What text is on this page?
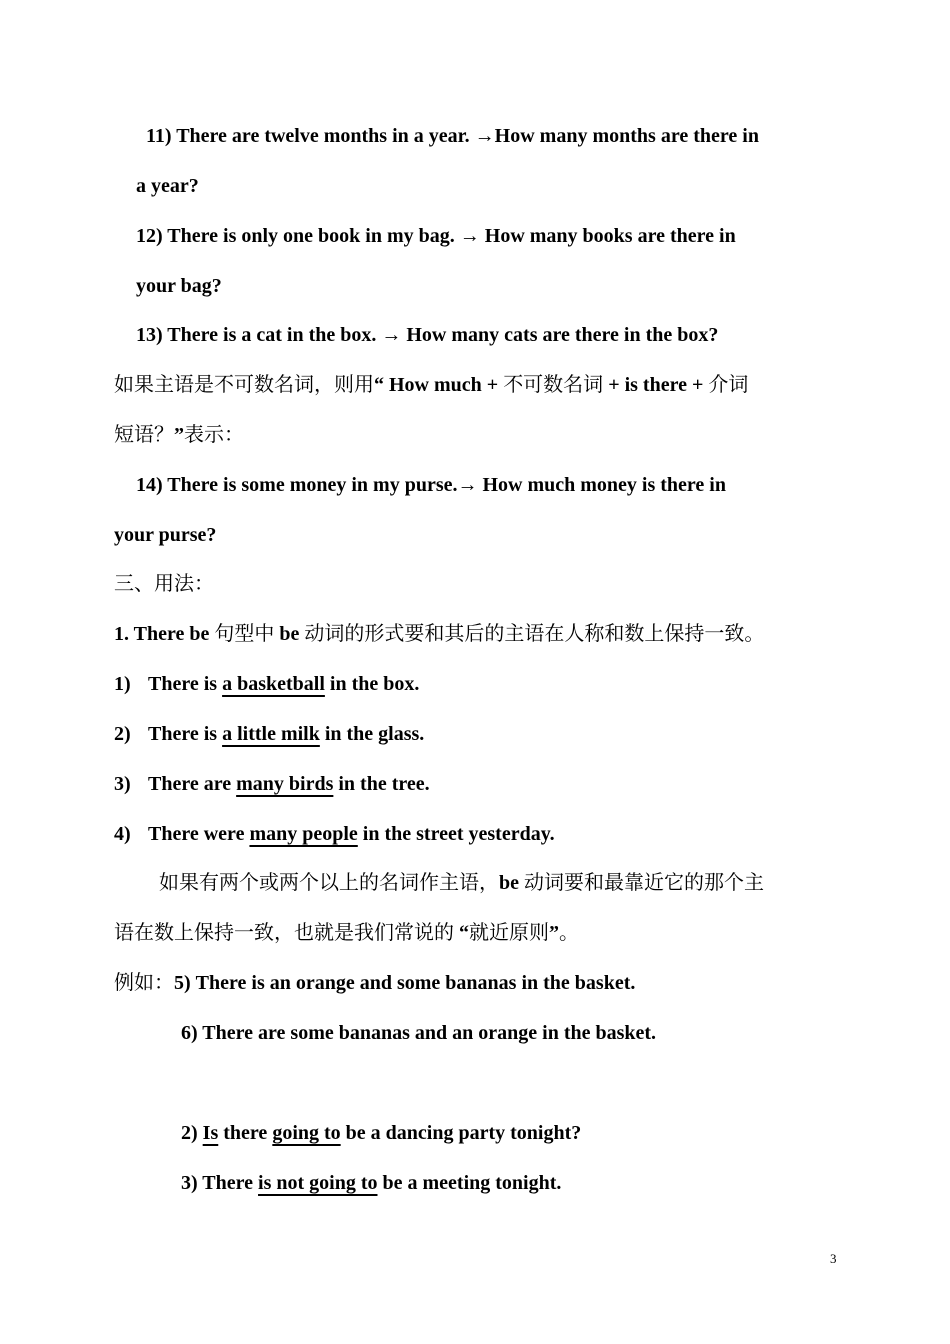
11) There are twelve months in a year. →How many months are there in
a year?
12) There is only one book in my bag. → How many books are there in
your bag?
13) There is a cat in the box. → How many cats are there in the box?
如果主语是不可数名词，则用“ How much + 不可数名词 + is there + 介词
短语？”表示：
14) There is some money in my purse.→ How much money is there in
your purse?
三、用法：
1. There be 句型中 be 动词的形式要和其后的主语在人称和数上保持一致。
1) There is a basketball in the box.
2) There is a little milk in the glass.
3) There are many birds in the tree.
4) There were many people in the street yesterday.
如果有两个或两个以上的名词作主语，be 动词要和最靠近它的那个主
语在数上保持一致，也就是我们常说的 “就近原则”。
例如：5) There is an orange and some bananas in the basket.
6) There are some bananas and an orange in the basket.
2) Is there going to be a dancing party tonight?
3) There is not going to be a meeting tonight.
3
